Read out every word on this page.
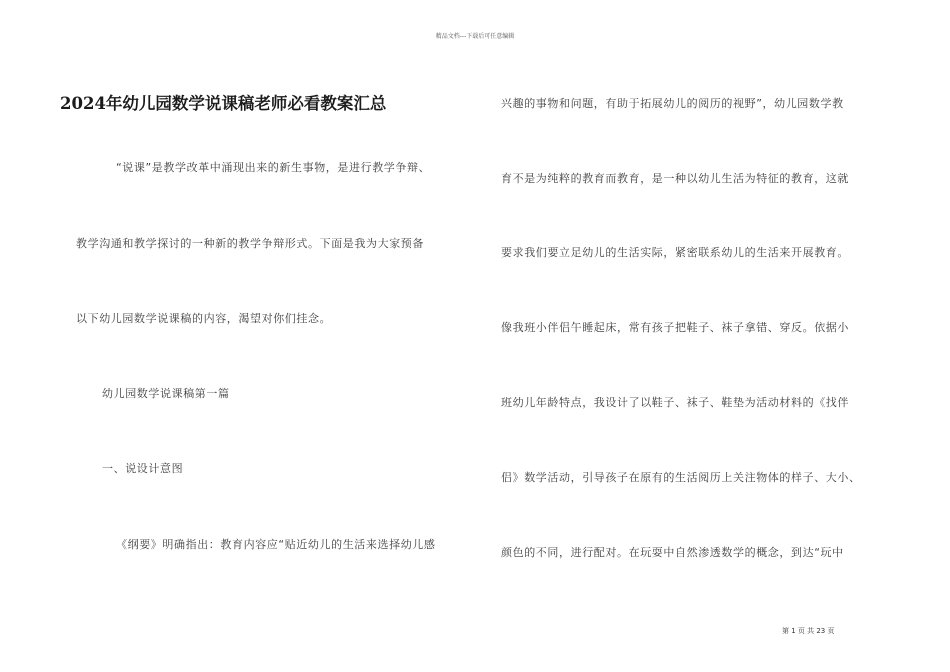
精品文档---下载后可任意编辑
2024年幼儿园数学说课稿老师必看教案汇总
“说课”是教学改革中涌现出来的新生事物，是进行教学争辩、
教学沟通和教学探讨的一种新的教学争辩形式。下面是我为大家预备
以下幼儿园数学说课稿的内容，渴望对你们挂念。
幼儿园数学说课稿第一篇
一、说设计意图
《纲要》明确指出：教育内容应“贴近幼儿的生活来选择幼儿感
兴趣的事物和问题，有助于拓展幼儿的阅历的视野”，幼儿园数学教
育不是为纯粹的教育而教育，是一种以幼儿生活为特征的教育，这就
要求我们要立足幼儿的生活实际，紧密联系幼儿的生活来开展教育。
像我班小伴侣午睡起床，常有孩子把鞋子、袜子拿错、穿反。依据小
班幼儿年龄特点，我设计了以鞋子、袜子、鞋垫为活动材料的《找伴
侣》数学活动，引导孩子在原有的生活阅历上关注物体的样子、大小、
颜色的不同，进行配对。在玩耍中自然渗透数学的概念，到达“玩中
第 1 页 共 23 页
